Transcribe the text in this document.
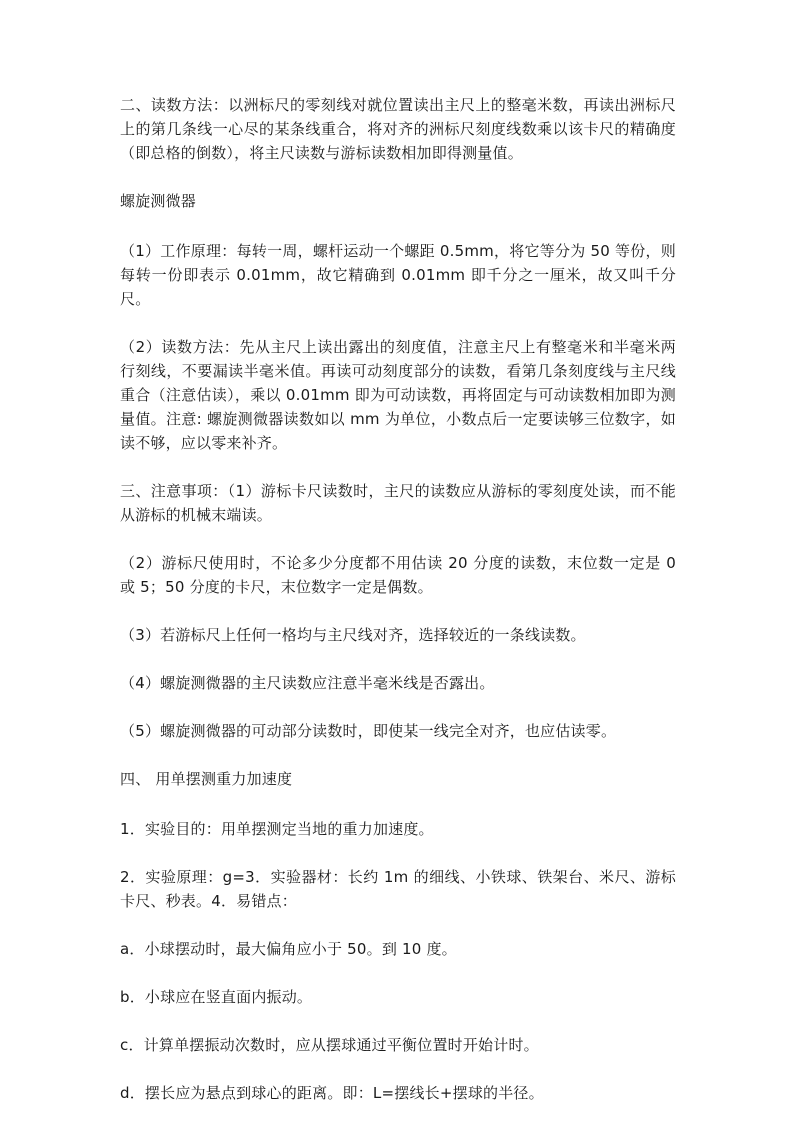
二、读数方法：以洲标尺的零刻线对就位置读出主尺上的整毫米数，再读出洲标尺上的第几条线一心尽的某条线重合，将对齐的洲标尺刻度线数乘以该卡尺的精确度（即总格的倒数），将主尺读数与游标读数相加即得测量值。

螺旋测微器

（1）工作原理：每转一周，螺杆运动一个螺距 0.5mm，将它等分为 50 等份，则每转一份即表示 0.01mm，故它精确到 0.01mm 即千分之一厘米，故又叫千分尺。

（2）读数方法：先从主尺上读出露出的刻度值，注意主尺上有整毫米和半毫米两行刻线，不要漏读半毫米值。再读可动刻度部分的读数，看第几条刻度线与主尺线重合（注意估读），乘以 0.01mm 即为可动读数，再将固定与可动读数相加即为测量值。注意: 螺旋测微器读数如以 mm 为单位，小数点后一定要读够三位数字，如读不够，应以零来补齐。

三、注意事项：（1）游标卡尺读数时，主尺的读数应从游标的零刻度处读，而不能从游标的机械末端读。

（2）游标尺使用时，不论多少分度都不用估读 20 分度的读数，末位数一定是 0 或 5；50 分度的卡尺，末位数字一定是偶数。

（3）若游标尺上任何一格均与主尺线对齐，选择较近的一条线读数。

（4）螺旋测微器的主尺读数应注意半毫米线是否露出。

（5）螺旋测微器的可动部分读数时，即使某一线完全对齐，也应估读零。

四、 用单摆测重力加速度

1．实验目的：用单摆测定当地的重力加速度。

2．实验原理：g=3．实验器材：长约 1m 的细线、小铁球、铁架台、米尺、游标卡尺、秒表。4．易错点：

a．小球摆动时，最大偏角应小于 50。到 10 度。

b．小球应在竖直面内振动。

c．计算单摆振动次数时，应从摆球通过平衡位置时开始计时。

d．摆长应为悬点到球心的距离。即：L=摆线长+摆球的半径。
